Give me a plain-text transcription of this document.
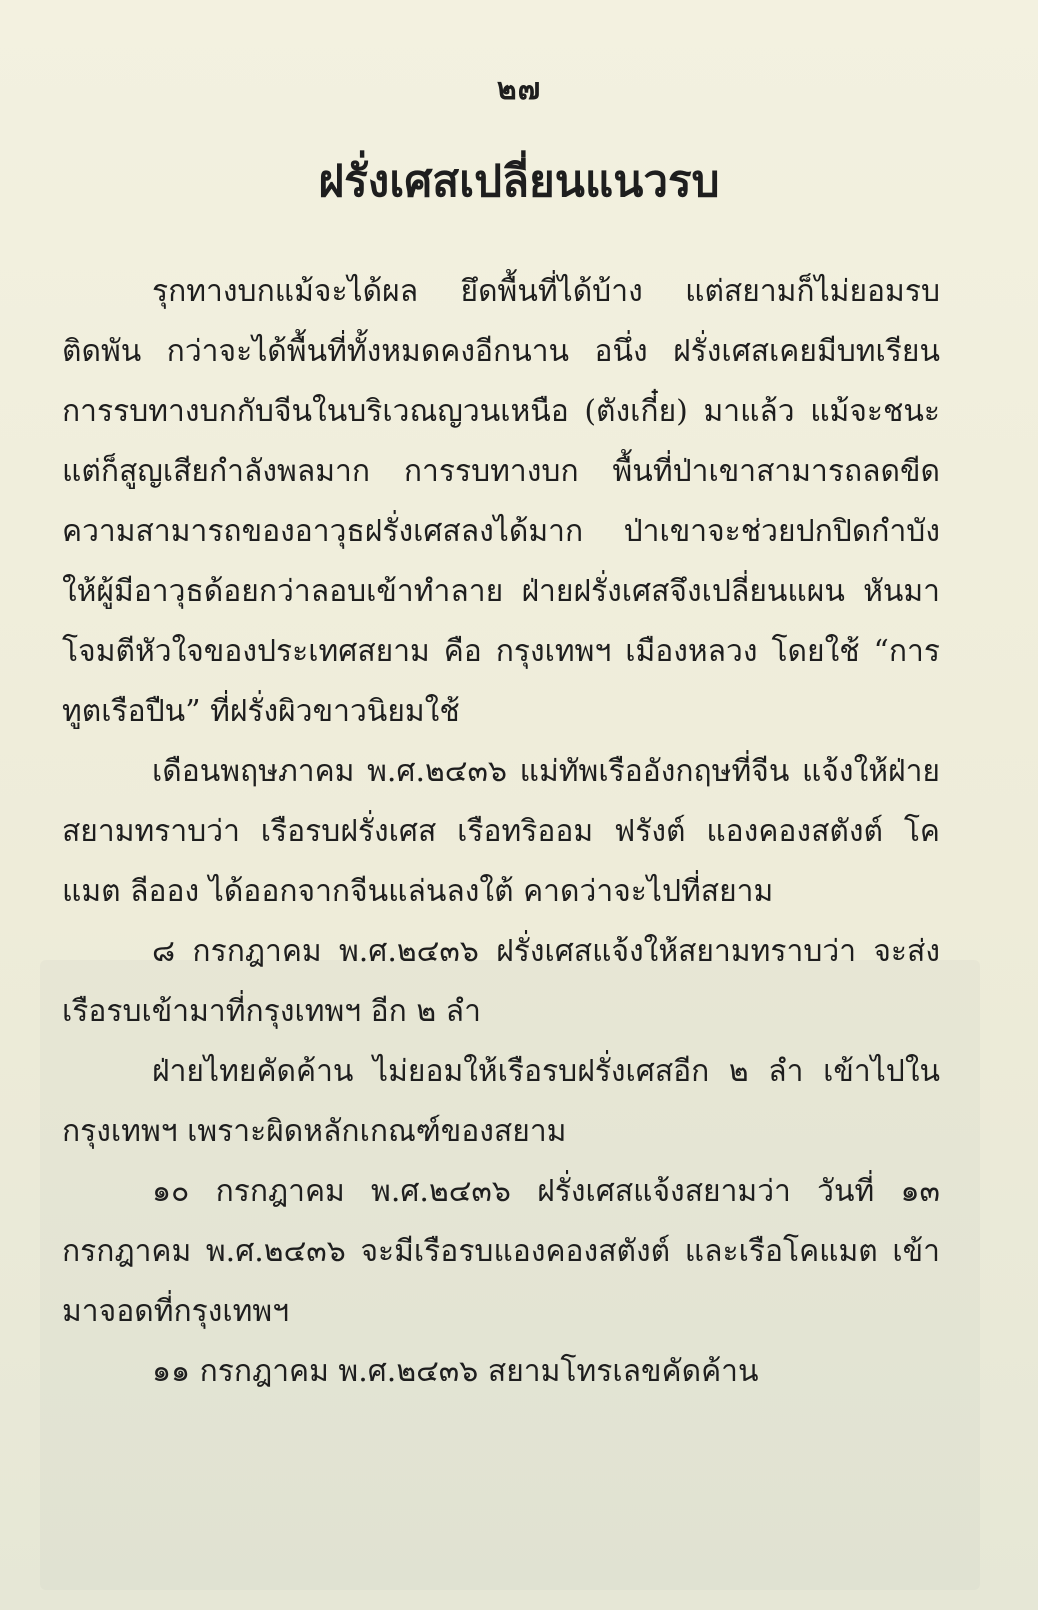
๒๗
ฝรั่งเศสเปลี่ยนแนวรบ

รุกทางบกแม้จะได้ผล ยึดพื้นที่ได้บ้าง แต่สยามก็ไม่ยอมรบติดพัน กว่าจะได้พื้นที่ทั้งหมดคงอีกนาน อนึ่ง ฝรั่งเศสเคยมีบทเรียนการรบทางบกกับจีนในบริเวณญวนเหนือ (ตังเกี๋ย) มาแล้ว แม้จะชนะแต่ก็สูญเสียกำลังพลมาก การรบทางบก พื้นที่ป่าเขาสามารถลดขีดความสามารถของอาวุธฝรั่งเศสลงได้มาก ป่าเขาจะช่วยปกปิดกำบังให้ผู้มีอาวุธด้อยกว่าลอบเข้าทำลาย ฝ่ายฝรั่งเศสจึงเปลี่ยนแผน หันมาโจมตีหัวใจของประเทศสยาม คือ กรุงเทพฯ เมืองหลวง โดยใช้ “การทูตเรือปืน” ที่ฝรั่งผิวขาวนิยมใช้

เดือนพฤษภาคม พ.ศ.๒๔๓๖ แม่ทัพเรืออังกฤษที่จีน แจ้งให้ฝ่ายสยามทราบว่า เรือรบฝรั่งเศส เรือทริออม ฟรังต์ แองคองสตังต์ โคแมต ลีออง ได้ออกจากจีนแล่นลงใต้ คาดว่าจะไปที่สยาม

๘ กรกฎาคม พ.ศ.๒๔๓๖ ฝรั่งเศสแจ้งให้สยามทราบว่า จะส่งเรือรบเข้ามาที่กรุงเทพฯ อีก ๒ ลำ

ฝ่ายไทยคัดค้าน ไม่ยอมให้เรือรบฝรั่งเศสอีก ๒ ลำ เข้าไปในกรุงเทพฯ เพราะผิดหลักเกณฑ์ของสยาม

๑๐ กรกฎาคม พ.ศ.๒๔๓๖ ฝรั่งเศสแจ้งสยามว่า วันที่ ๑๓ กรกฎาคม พ.ศ.๒๔๓๖ จะมีเรือรบแองคองสตังต์ และเรือโคแมต เข้ามาจอดที่กรุงเทพฯ

๑๑ กรกฎาคม พ.ศ.๒๔๓๖ สยามโทรเลขคัดค้าน
